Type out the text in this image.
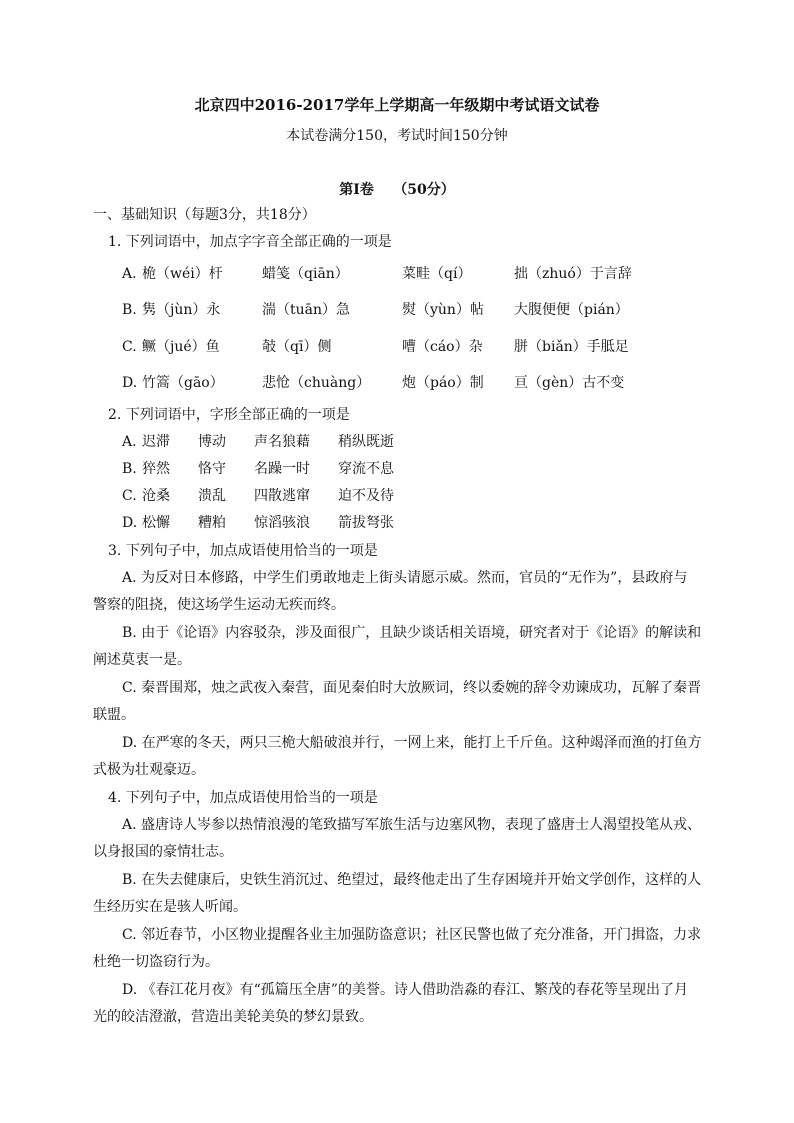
北京四中2016-2017学年上学期高一年级期中考试语文试卷
本试卷满分150，考试时间150分钟
第Ⅰ卷 （50分）
一、基础知识（每题3分，共18分）
1. 下列词语中，加点字字音全部正确的一项是
A. 桅（wéi）杆	蜡笺（qiān）	菜畦（qí）	拙（zhuó）于言辞
B. 隽（jùn）永	湍（tuān）急	熨（yùn）帖 大腹便便（pián）
C. 鳜（jué）鱼	攲（qī）侧	嘈（cáo）杂 胼（biǎn）手胝足
D. 竹篙（gāo）	悲怆（chuàng） 炮（páo）制 亘（gèn）古不变
2. 下列词语中，字形全部正确的一项是
A. 迟滞 博动 声名狼藉 稍纵既逝
B. 猝然 恪守 名躁一时 穿流不息
C. 沧桑 溃乱 四散逃窜 迫不及待
D. 松懈 糟粕 惊滔骇浪 箭拔弩张
3. 下列句子中，加点成语使用恰当的一项是
A. 为反对日本修路，中学生们勇敢地走上街头请愿示威。然而，官员的“无作为”，县政府与
警察的阻挠，使这场学生运动无疾而终。
B. 由于《论语》内容驳杂，涉及面很广，且缺少谈话相关语境，研究者对于《论语》的解读和
阐述莫衷一是。
C. 秦晋围郑，烛之武夜入秦营，面见秦伯时大放厥词，终以委婉的辞令劝谏成功，瓦解了秦晋
联盟。
D. 在严寒的冬天，两只三桅大船破浪并行，一网上来，能打上千斤鱼。这种竭泽而渔的打鱼方
式极为壮观豪迈。
4. 下列句子中，加点成语使用恰当的一项是
A. 盛唐诗人岑参以热情浪漫的笔致描写军旅生活与边塞风物，表现了盛唐士人渴望投笔从戎、
以身报国的豪情壮志。
B. 在失去健康后，史铁生消沉过、绝望过，最终他走出了生存困境并开始文学创作，这样的人
生经历实在是骇人听闻。
C. 邻近春节，小区物业提醒各业主加强防盗意识；社区民警也做了充分准备，开门揖盗，力求
杜绝一切盗窃行为。
D. 《春江花月夜》有“孤篇压全唐”的美誉。诗人借助浩淼的春江、繁茂的春花等呈现出了月
光的皎洁澄澈，营造出美轮美奂的梦幻景致。
